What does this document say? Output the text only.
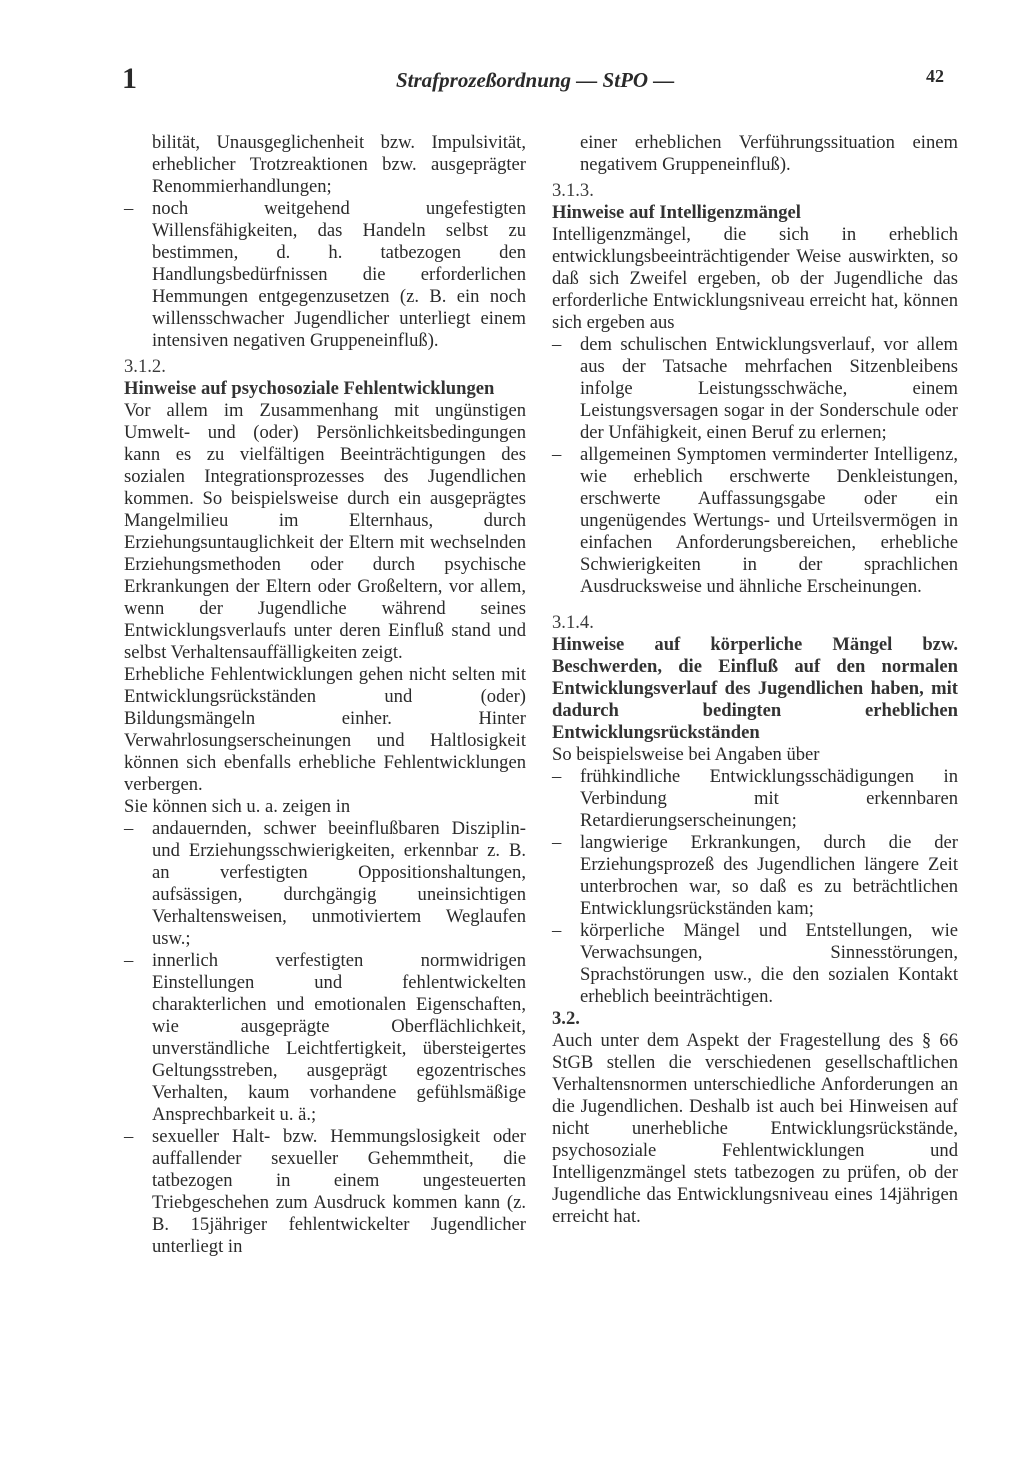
1	Strafprozeßordnung — StPO —	42

bilität, Unausgeglichenheit bzw. Impulsivität, erheblicher Trotzreaktionen bzw. ausgeprägter Renommierhandlungen;

– noch weitgehend ungefestigten Willensfähigkeiten, das Handeln selbst zu bestimmen, d. h. tatbezogen den Handlungsbedürfnissen die erforderlichen Hemmungen entgegenzusetzen (z. B. ein noch willensschwacher Jugendlicher unterliegt einem intensiven negativen Gruppeneinfluß).

3.1.2.

Hinweise auf psychosoziale Fehlentwicklungen

Vor allem im Zusammenhang mit ungünstigen Umwelt- und (oder) Persönlichkeitsbedingungen kann es zu vielfältigen Beeinträchtigungen des sozialen Integrationsprozesses des Jugendlichen kommen. So beispielsweise durch ein ausgeprägtes Mangelmilieu im Elternhaus, durch Erziehungsuntauglichkeit der Eltern mit wechselnden Erziehungsmethoden oder durch psychische Erkrankungen der Eltern oder Großeltern, vor allem, wenn der Jugendliche während seines Entwicklungsverlaufs unter deren Einfluß stand und selbst Verhaltensauffälligkeiten zeigt.

Erhebliche Fehlentwicklungen gehen nicht selten mit Entwicklungsrückständen und (oder) Bildungsmängeln einher. Hinter Verwahrlosungserscheinungen und Haltlosigkeit können sich ebenfalls erhebliche Fehlentwicklungen verbergen.

Sie können sich u. a. zeigen in

– andauernden, schwer beeinflußbaren Disziplin- und Erziehungsschwierigkeiten, erkennbar z. B. an verfestigten Oppositionshaltungen, aufsässigen, durchgängig uneinsichtigen Verhaltensweisen, unmotiviertem Weglaufen usw.;

– innerlich verfestigten normwidrigen Einstellungen und fehlentwickelten charakterlichen und emotionalen Eigenschaften, wie ausgeprägte Oberflächlichkeit, unverständliche Leichtfertigkeit, übersteigertes Geltungsstreben, ausgeprägt egozentrisches Verhalten, kaum vorhandene gefühlsmäßige Ansprechbarkeit u. ä.;

– sexueller Halt- bzw. Hemmungslosigkeit oder auffallender sexueller Gehemmtheit, die tatbezogen in einem ungesteuerten Triebgeschehen zum Ausdruck kommen kann (z. B. 15jähriger fehlentwickelter Jugendlicher unterliegt in

einer erheblichen Verführungssituation einem negativem Gruppeneinfluß).

3.1.3.

Hinweise auf Intelligenzmängel

Intelligenzmängel, die sich in erheblich entwicklungsbeeinträchtigender Weise auswirkten, so daß sich Zweifel ergeben, ob der Jugendliche das erforderliche Entwicklungsniveau erreicht hat, können sich ergeben aus

– dem schulischen Entwicklungsverlauf, vor allem aus der Tatsache mehrfachen Sitzenbleibens infolge Leistungsschwäche, einem Leistungsversagen sogar in der Sonderschule oder der Unfähigkeit, einen Beruf zu erlernen;

– allgemeinen Symptomen verminderter Intelligenz, wie erheblich erschwerte Denkleistungen, erschwerte Auffassungsgabe oder ein ungenügendes Wertungs- und Urteilsvermögen in einfachen Anforderungsbereichen, erhebliche Schwierigkeiten in der sprachlichen Ausdrucksweise und ähnliche Erscheinungen.

3.1.4.

Hinweise auf körperliche Mängel bzw. Beschwerden, die Einfluß auf den normalen Entwicklungsverlauf des Jugendlichen haben, mit dadurch bedingten erheblichen Entwicklungsrückständen

So beispielsweise bei Angaben über

– frühkindliche Entwicklungsschädigungen in Verbindung mit erkennbaren Retardierungserscheinungen;

– langwierige Erkrankungen, durch die der Erziehungsprozeß des Jugendlichen längere Zeit unterbrochen war, so daß es zu beträchtlichen Entwicklungsrückständen kam;

– körperliche Mängel und Entstellungen, wie Verwachsungen, Sinnesstörungen, Sprachstörungen usw., die den sozialen Kontakt erheblich beeinträchtigen.

3.2.

Auch unter dem Aspekt der Fragestellung des § 66 StGB stellen die verschiedenen gesellschaftlichen Verhaltensnormen unterschiedliche Anforderungen an die Jugendlichen. Deshalb ist auch bei Hinweisen auf nicht unerhebliche Entwicklungsrückstände, psychosoziale Fehlentwicklungen und Intelligenzmängel stets tatbezogen zu prüfen, ob der Jugendliche das Entwicklungsniveau eines 14jährigen erreicht hat.
